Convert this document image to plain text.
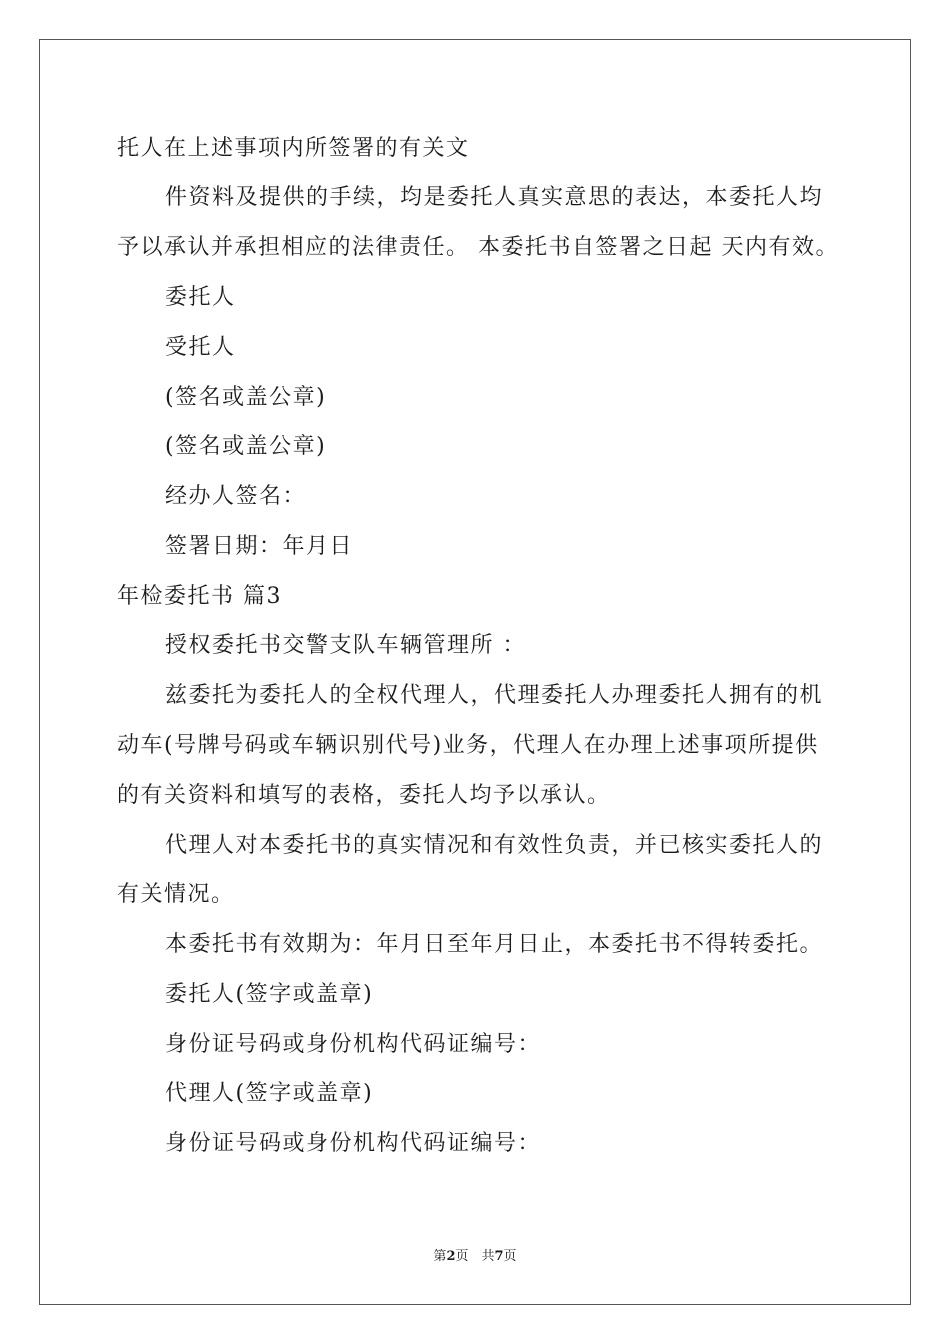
托人在上述事项内所签署的有关文
件资料及提供的手续，均是委托人真实意思的表达，本委托人均
予以承认并承担相应的法律责任。 本委托书自签署之日起 天内有效。
委托人
受托人
(签名或盖公章)
(签名或盖公章)
经办人签名：
签署日期：年月日
年检委托书 篇3
授权委托书交警支队车辆管理所 ：
兹委托为委托人的全权代理人，代理委托人办理委托人拥有的机
动车(号牌号码或车辆识别代号)业务，代理人在办理上述事项所提供
的有关资料和填写的表格，委托人均予以承认。
代理人对本委托书的真实情况和有效性负责，并已核实委托人的
有关情况。
本委托书有效期为：年月日至年月日止，本委托书不得转委托。
委托人(签字或盖章)
身份证号码或身份机构代码证编号：
代理人(签字或盖章)
身份证号码或身份机构代码证编号：
第2页　共7页
